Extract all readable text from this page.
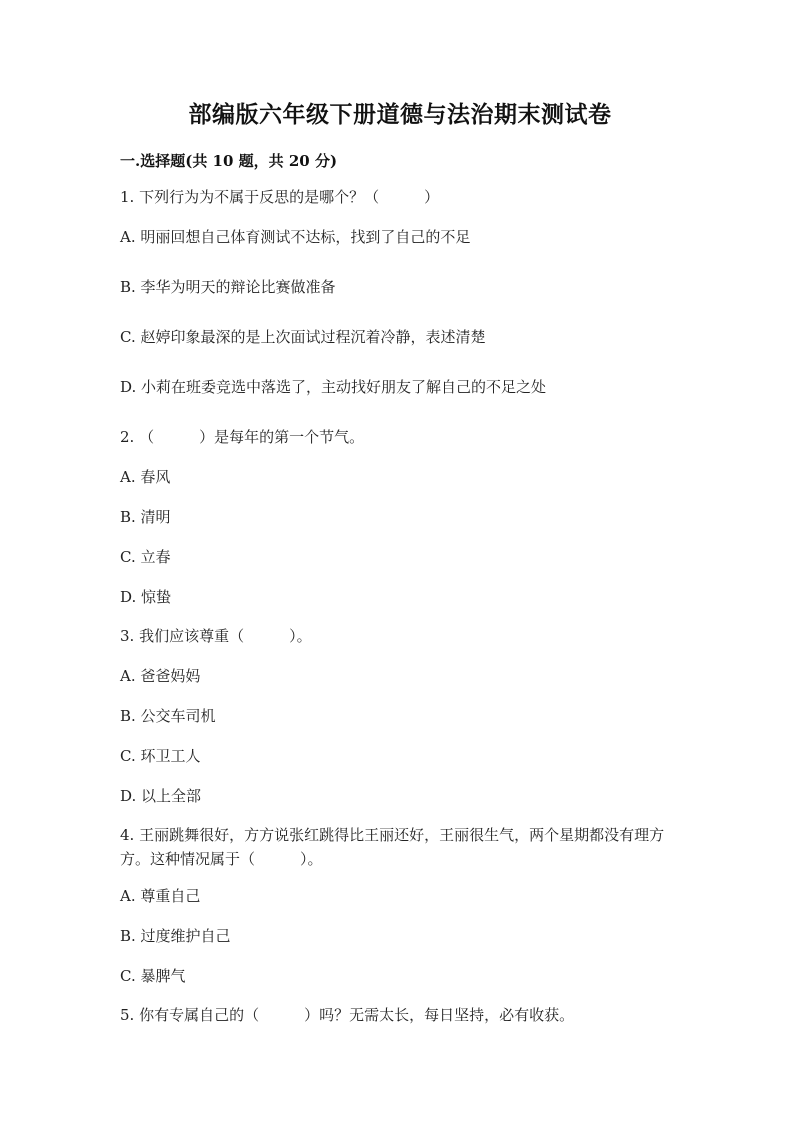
部编版六年级下册道德与法治期末测试卷
一.选择题(共 10 题，共 20 分)
1. 下列行为为不属于反思的是哪个？（　　　）
A. 明丽回想自己体育测试不达标，找到了自己的不足
B. 李华为明天的辩论比赛做准备
C. 赵婷印象最深的是上次面试过程沉着冷静，表述清楚
D. 小莉在班委竞选中落选了，主动找好朋友了解自己的不足之处
2. （　　　）是每年的第一个节气。
A. 春风
B. 清明
C. 立春
D. 惊蛰
3. 我们应该尊重（　　　）。
A. 爸爸妈妈
B. 公交车司机
C. 环卫工人
D. 以上全部
4. 王丽跳舞很好，方方说张红跳得比王丽还好，王丽很生气，两个星期都没有理方方。这种情况属于（　　　）。
A. 尊重自己
B. 过度维护自己
C. 暴脾气
5. 你有专属自己的（　　　）吗？无需太长，每日坚持，必有收获。
